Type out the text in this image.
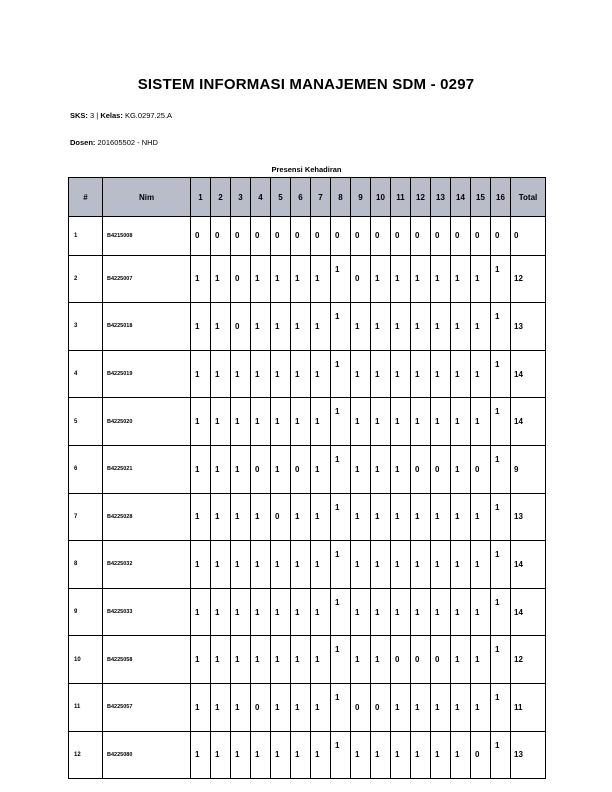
SISTEM INFORMASI MANAJEMEN SDM - 0297
SKS: 3 | Kelas: KG.0297.25.A
Dosen: 201605502 - NHD
Presensi Kehadiran
#	Nim	1	2	3	4	5	6	7	8	9	10	11	12	13	14	15	16	Total
1	B4215008	0	0	0	0	0	0	0	0	0	0	0	0	0	0	0	0	0
2	B4225007	1	1	0	1	1	1	1	1	0	1	1	1	1	1	1	1	12
3	B4225018	1	1	0	1	1	1	1	1	1	1	1	1	1	1	1	1	13
4	B4225019	1	1	1	1	1	1	1	1	1	1	1	1	1	1	1	1	14
5	B4225020	1	1	1	1	1	1	1	1	1	1	1	1	1	1	1	1	14
6	B4225021	1	1	1	0	1	0	1	1	1	1	1	0	0	1	0	1	9
7	B4225028	1	1	1	1	0	1	1	1	1	1	1	1	1	1	1	1	13
8	B4225032	1	1	1	1	1	1	1	1	1	1	1	1	1	1	1	1	14
9	B4225033	1	1	1	1	1	1	1	1	1	1	1	1	1	1	1	1	14
10	B4225058	1	1	1	1	1	1	1	1	1	1	0	0	0	1	1	1	12
11	B4225057	1	1	1	0	1	1	1	1	0	0	1	1	1	1	1	1	11
12	B4225080	1	1	1	1	1	1	1	1	1	1	1	1	1	1	0	1	13
